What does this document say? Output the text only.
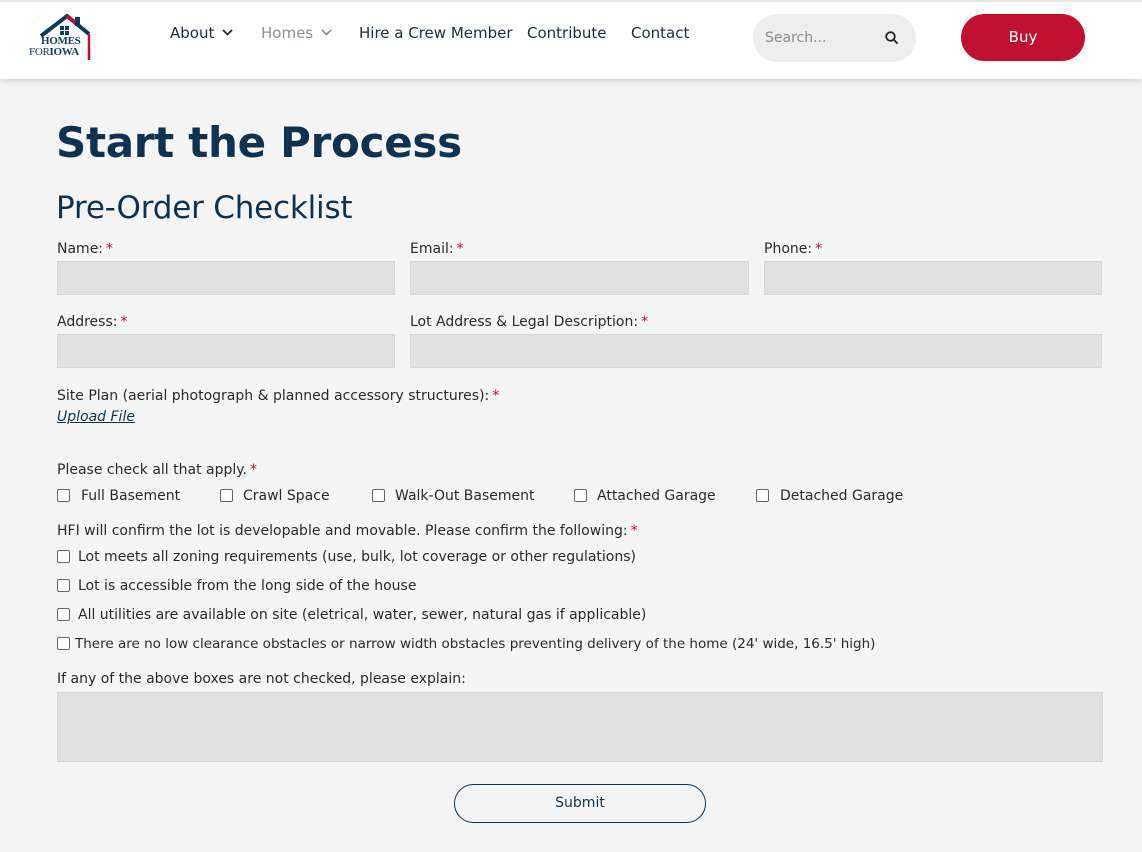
HOMES
FORIOWA
About	Homes	Hire a Crew Member Contribute Contact
Search...	Buy
Start the Process
Pre-Order Checklist
Name: *	Email: *	Phone: *
Address: *	Lot Address & Legal Description: *
Site Plan (aerial photograph & planned accessory structures): *
Upload File
Please check all that apply. *
Full Basement	Crawl Space	Walk-Out Basement	Attached Garage	Detached Garage
HFI will confirm the lot is developable and movable. Please confirm the following: *
Lot meets all zoning requirements (use, bulk, lot coverage or other regulations)
Lot is accessible from the long side of the house
All utilities are available on site (eletrical, water, sewer, natural gas if applicable)
There are no low clearance obstacles or narrow width obstacles preventing delivery of the home (24' wide, 16.5' high)
If any of the above boxes are not checked, please explain:
Submit
